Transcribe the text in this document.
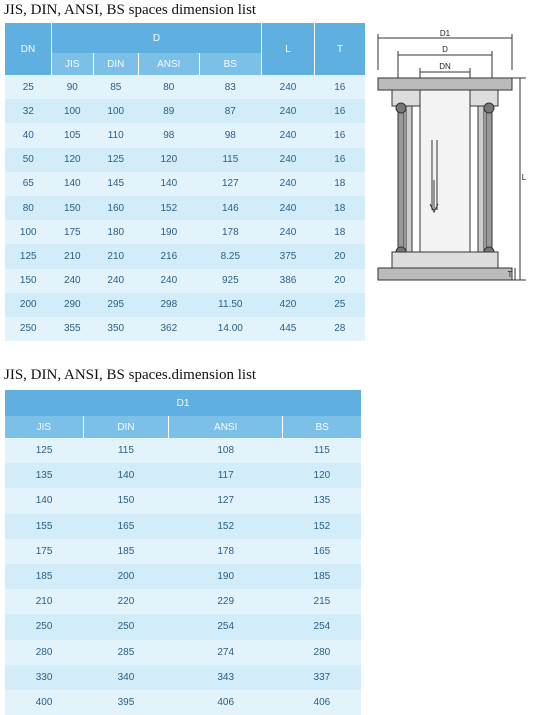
JIS, DIN, ANSI, BS spaces dimension list
DN	D				L	T
	JIS	DIN	ANSI	BS		
25	90	85	80	83	240	16
32	100	100	89	87	240	16
40	105	110	98	98	240	16
50	120	125	120	115	240	16
65	140	145	140	127	240	18
80	150	160	152	146	240	18
100	175	180	190	178	240	18
125	210	210	216	8.25	375	20
150	240	240	240	925	386	20
200	290	295	298	11.50	420	25
250	355	350	362	14.00	445	28
JIS, DIN, ANSI, BS spaces.dimension list
D1			
JIS	DIN	ANSI	BS
125	115	108	115
135	140	117	120
140	150	127	135
155	165	152	152
175	185	178	165
185	200	190	185
210	220	229	215
250	250	254	254
280	285	274	280
330	340	343	337
400	395	406	406
D1
D
DN
L
T
